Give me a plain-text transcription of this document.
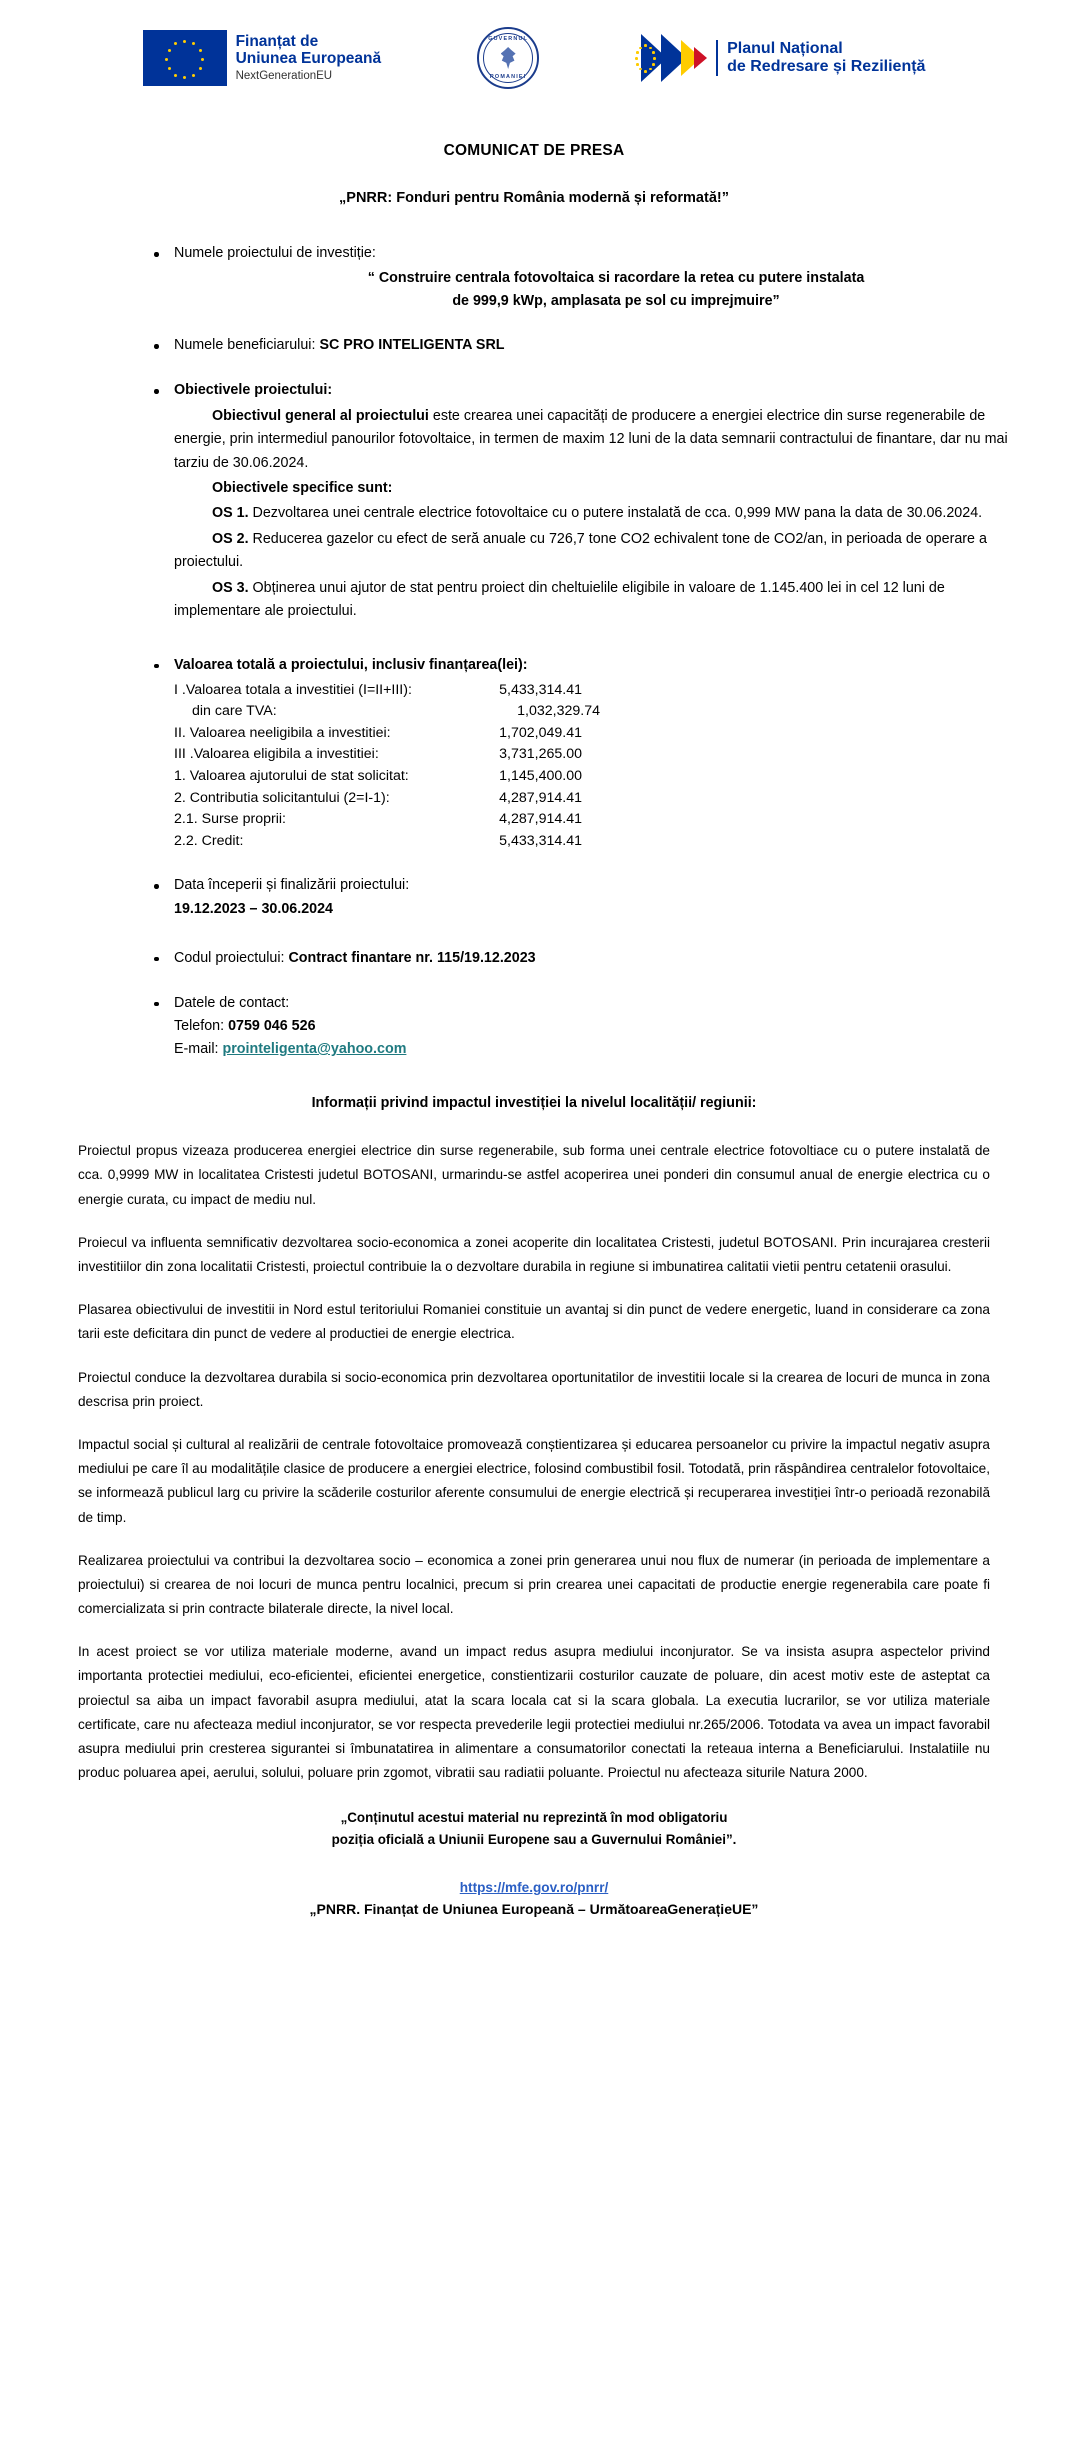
Finanțat de
Uniunea Europeană
NextGenerationEU
GUVERNUL
ROMANIEI
Planul Național
de Redresare și Reziliență
COMUNICAT DE PRESA
„PNRR: Fonduri pentru România modernă și reformată!”
Numele proiectului de investiție:
“ Construire centrala fotovoltaica si racordare la retea cu putere instalata
de 999,9 kWp, amplasata pe sol cu imprejmuire”
Numele beneficiarului: SC PRO INTELIGENTA SRL
Obiectivele proiectului:
Obiectivul general al proiectului este crearea unei capacități de producere a energiei electrice din surse regenerabile de energie, prin intermediul panourilor fotovoltaice, in termen de maxim 12 luni de la data semnarii contractului de finantare, dar nu mai tarziu de 30.06.2024.
Obiectivele specifice sunt:
OS 1. Dezvoltarea unei centrale electrice fotovoltaice cu o putere instalată de cca. 0,999 MW pana la data de 30.06.2024.
OS 2. Reducerea gazelor cu efect de seră anuale cu 726,7 tone CO2 echivalent tone de CO2/an, in perioada de operare a proiectului.
OS 3. Obținerea unui ajutor de stat pentru proiect din cheltuielile eligibile in valoare de 1.145.400 lei in cel 12 luni de implementare ale proiectului.
Valoarea totală a proiectului, inclusiv finanțarea(lei):
I .Valoarea totala a investitiei (I=II+III):	5,433,314.41
din care TVA:	1,032,329.74
II. Valoarea neeligibila a investitiei:	1,702,049.41
III .Valoarea eligibila a investitiei:	3,731,265.00
1. Valoarea ajutorului de stat solicitat:	1,145,400.00
2. Contributia solicitantului (2=I-1):	4,287,914.41
2.1. Surse proprii:	4,287,914.41
2.2. Credit:	5,433,314.41
Data începerii și finalizării proiectului:
19.12.2023 – 30.06.2024
Codul proiectului: Contract finantare nr. 115/19.12.2023
Datele de contact:
Telefon: 0759 046 526
E-mail: prointeligenta@yahoo.com
Informații privind impactul investiției la nivelul localității/ regiunii:

Proiectul propus vizeaza producerea energiei electrice din surse regenerabile, sub forma unei centrale electrice fotovoltiace cu o putere instalată de cca. 0,9999 MW in localitatea Cristesti judetul BOTOSANI, urmarindu-se astfel acoperirea unei ponderi din consumul anual de energie electrica cu o energie curata, cu impact de mediu nul.

Proiecul va influenta semnificativ dezvoltarea socio-economica a zonei acoperite din localitatea Cristesti, judetul BOTOSANI. Prin incurajarea cresterii investitiilor din zona localitatii Cristesti, proiectul contribuie la o dezvoltare durabila in regiune si imbunatirea calitatii vietii pentru cetatenii orasului.

Plasarea obiectivului de investitii in Nord estul teritoriului Romaniei constituie un avantaj si din punct de vedere energetic, luand in considerare ca zona tarii este deficitara din punct de vedere al productiei de energie electrica.

Proiectul conduce la dezvoltarea durabila si socio-economica prin dezvoltarea oportunitatilor de investitii locale si la crearea de locuri de munca in zona descrisa prin proiect.

Impactul social și cultural al realizării de centrale fotovoltaice promovează conștientizarea și educarea persoanelor cu privire la impactul negativ asupra mediului pe care îl au modalitățile clasice de producere a energiei electrice, folosind combustibil fosil. Totodată, prin răspândirea centralelor fotovoltaice, se informează publicul larg cu privire la scăderile costurilor aferente consumului de energie electrică și recuperarea investiției într-o perioadă rezonabilă de timp.

Realizarea proiectului va contribui la dezvoltarea socio – economica a zonei prin generarea unui nou flux de numerar (in perioada de implementare a proiectului) si crearea de noi locuri de munca pentru localnici, precum si prin crearea unei capacitati de productie energie regenerabila care poate fi comercializata si prin contracte bilaterale directe, la nivel local.

In acest proiect se vor utiliza materiale moderne, avand un impact redus asupra mediului inconjurator. Se va insista asupra aspectelor privind importanta protectiei mediului, eco-eficientei, eficientei energetice, constientizarii costurilor cauzate de poluare, din acest motiv este de asteptat ca proiectul sa aiba un impact favorabil asupra mediului, atat la scara locala cat si la scara globala. La executia lucrarilor, se vor utiliza materiale certificate, care nu afecteaza mediul inconjurator, se vor respecta prevederile legii protectiei mediului nr.265/2006. Totodata va avea un impact favorabil asupra mediului prin cresterea sigurantei si îmbunatatirea in alimentare a consumatorilor conectati la reteaua interna a Beneficiarului. Instalatiile nu produc poluarea apei, aerului, solului, poluare prin zgomot, vibratii sau radiatii poluante. Proiectul nu afecteaza siturile Natura 2000.

„Conținutul acestui material nu reprezintă în mod obligatoriu
poziția oficială a Uniunii Europene sau a Guvernului României”.
https://mfe.gov.ro/pnrr/
„PNRR. Finanțat de Uniunea Europeană – UrmătoareaGenerațieUE”
